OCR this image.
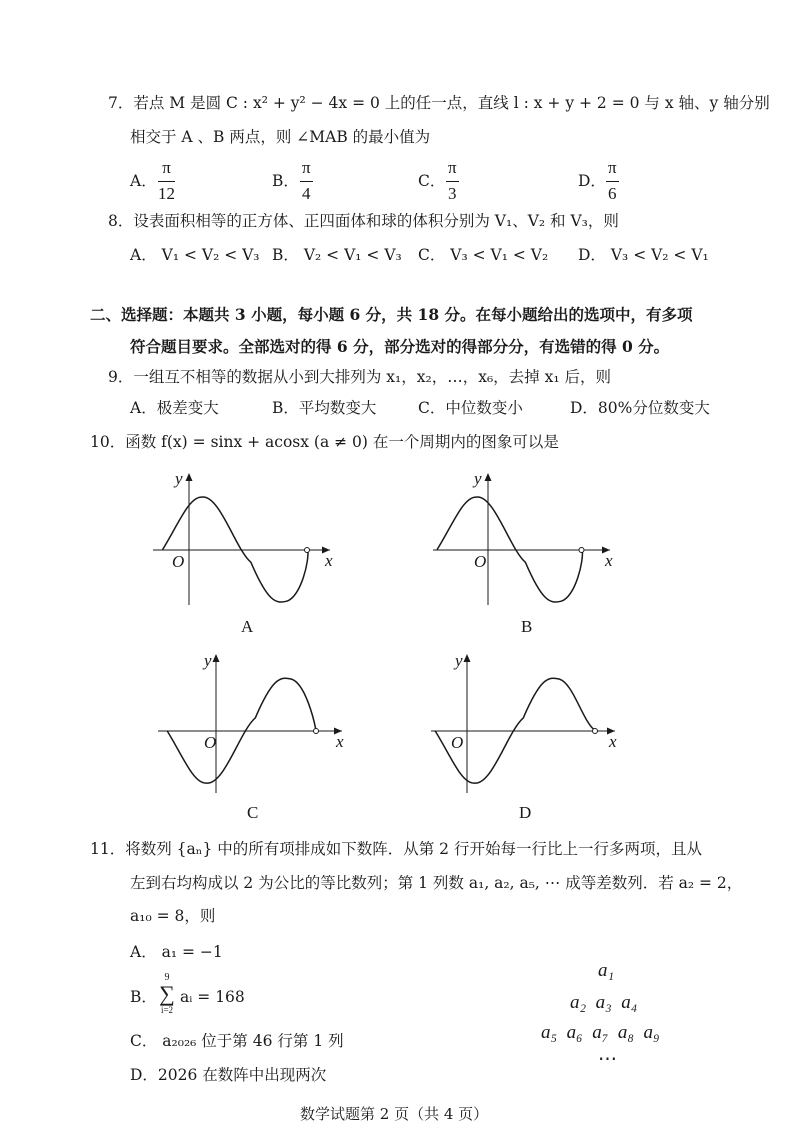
7．若点 M 是圆 C : x² + y² − 4x = 0 上的任一点，直线 l : x + y + 2 = 0 与 x 轴、y 轴分别
相交于 A 、B 两点，则 ∠MAB 的最小值为
A．
π
12
B．
π
4
C．
π
3
D．
π
6
8．设表面积相等的正方体、正四面体和球的体积分别为 V₁、V₂ 和 V₃，则
A． V₁ < V₂ < V₃ B． V₂ < V₁ < V₃ C． V₃ < V₁ < V₂ D． V₃ < V₂ < V₁
二、选择题：本题共 3 小题，每小题 6 分，共 18 分。在每小题给出的选项中，有多项
符合题目要求。全部选对的得 6 分，部分选对的得部分分，有选错的得 0 分。
9．一组互不相等的数据从小到大排列为 x₁，x₂，…，x₆，去掉 x₁ 后，则
A．极差变大	B．平均数变大	C．中位数变小	D．80%分位数变大
10．函数 f(x) = sinx + acosx (a ≠ 0) 在一个周期内的图象可以是
y
x
O
A
y
x
O
B
y
x
O
C
y
x
O
D
11．将数列 {aₙ} 中的所有项排成如下数阵．从第 2 行开始每一行比上一行多两项，且从
左到右均构成以 2 为公比的等比数列；第 1 列数 a₁, a₂, a₅, ⋯ 成等差数列．若 a₂ = 2，
a₁₀ = 8，则
A． a₁ = −1
B．
9
∑
i=2
aᵢ = 168
C． a₂₀₂₆ 位于第 46 行第 1 列
D．2026 在数阵中出现两次
a₁
a₂ a₃ a₄
a₅ a₆ a₇ a₈ a₉
⋯
数学试题第 2 页（共 4 页）
